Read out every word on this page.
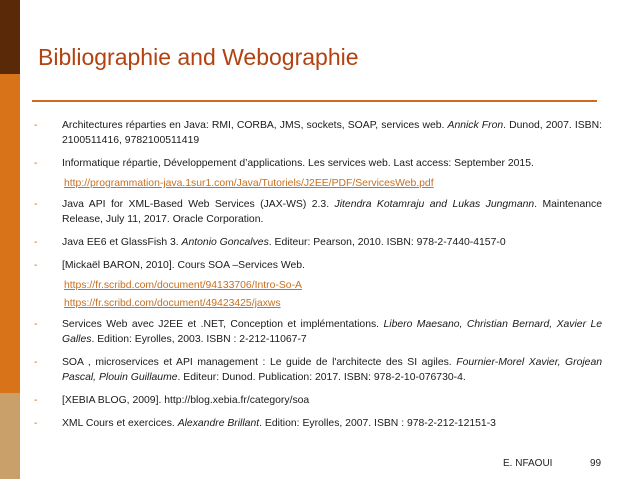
Bibliographie and Webographie
- Architectures réparties en Java: RMI, CORBA, JMS, sockets, SOAP, services web. Annick Fron. Dunod, 2007. ISBN: 2100511416, 9782100511419
- Informatique répartie, Développement d’applications. Les services web. Last access: September 2015.
http://programmation-java.1sur1.com/Java/Tutoriels/J2EE/PDF/ServicesWeb.pdf
- Java API for XML-Based Web Services (JAX-WS) 2.3. Jitendra Kotamraju and Lukas Jungmann. Maintenance Release, July 11, 2017. Oracle Corporation.
- Java EE6 et GlassFish 3. Antonio Goncalves. Editeur: Pearson, 2010. ISBN: 978-2-7440-4157-0
- [Mickaël BARON, 2010]. Cours SOA –Services Web.
https://fr.scribd.com/document/94133706/Intro-So-A
https://fr.scribd.com/document/49423425/jaxws
- Services Web avec J2EE et .NET, Conception et implémentations. Libero Maesano, Christian Bernard, Xavier Le Galles. Edition: Eyrolles, 2003. ISBN : 2-212-11067-7
- SOA , microservices et API management : Le guide de l'architecte des SI agiles. Fournier-Morel Xavier, Grojean Pascal, Plouin Guillaume. Editeur: Dunod. Publication: 2017. ISBN: 978-2-10-076730-4.
- [XEBIA BLOG, 2009]. http://blog.xebia.fr/category/soa
- XML Cours et exercices. Alexandre Brillant. Edition: Eyrolles, 2007. ISBN : 978-2-212-12151-3
E. NFAOUI	99
